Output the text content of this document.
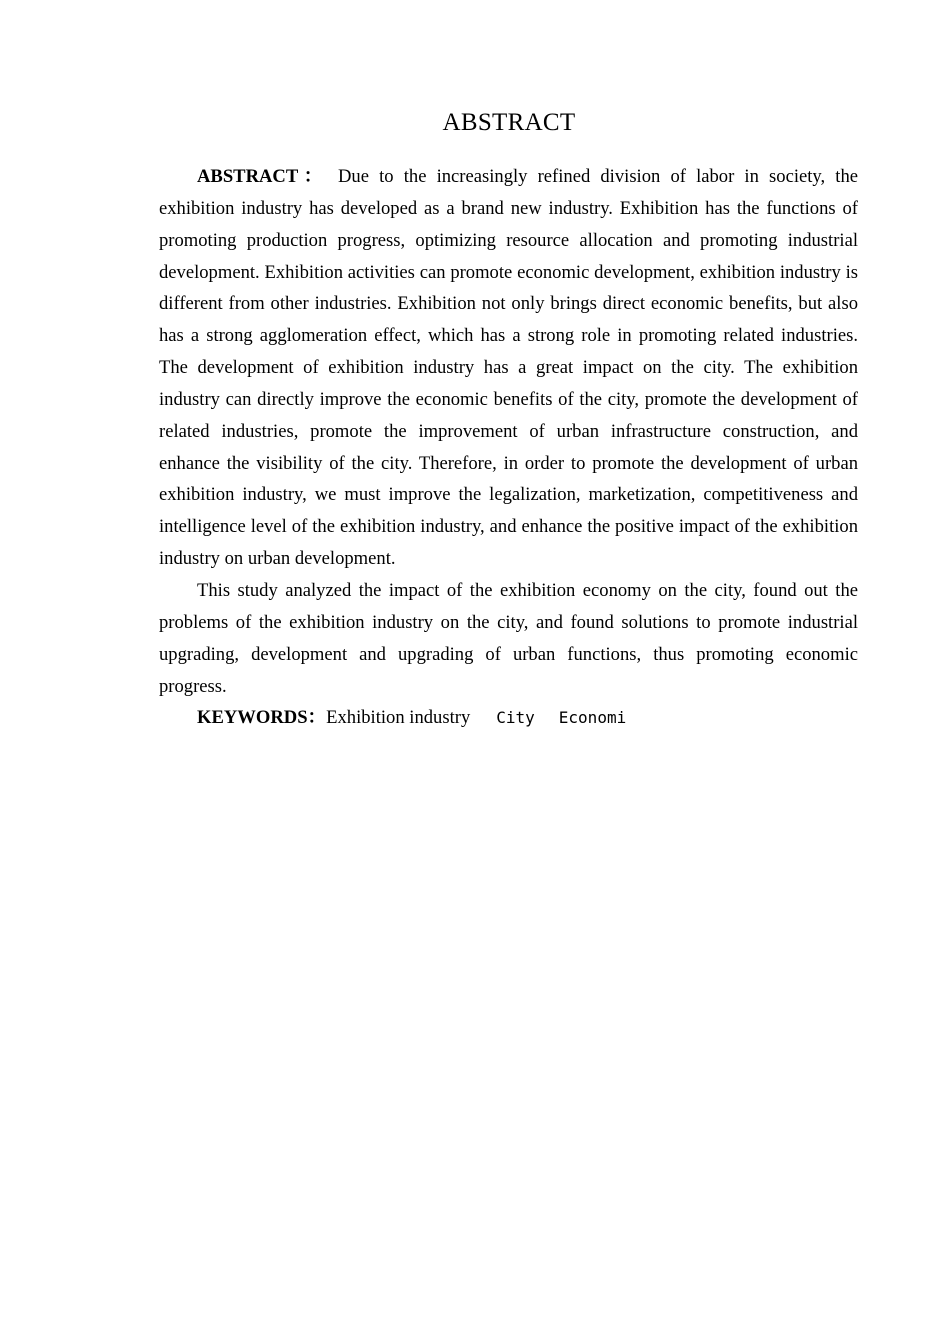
ABSTRACT

ABSTRACT： Due to the increasingly refined division of labor in society, the exhibition industry has developed as a brand new industry. Exhibition has the functions of promoting production progress, optimizing resource allocation and promoting industrial development. Exhibition activities can promote economic development, exhibition industry is different from other industries. Exhibition not only brings direct economic benefits, but also has a strong agglomeration effect, which has a strong role in promoting related industries. The development of exhibition industry has a great impact on the city. The exhibition industry can directly improve the economic benefits of the city, promote the development of related industries, promote the improvement of urban infrastructure construction, and enhance the visibility of the city. Therefore, in order to promote the development of urban exhibition industry, we must improve the legalization, marketization, competitiveness and intelligence level of the exhibition industry, and enhance the positive impact of the exhibition industry on urban development.

This study analyzed the impact of the exhibition economy on the city, found out the problems of the exhibition industry on the city, and found solutions to promote industrial upgrading, development and upgrading of urban functions, thus promoting economic progress.

KEYWORDS：Exhibition industry City Economi
